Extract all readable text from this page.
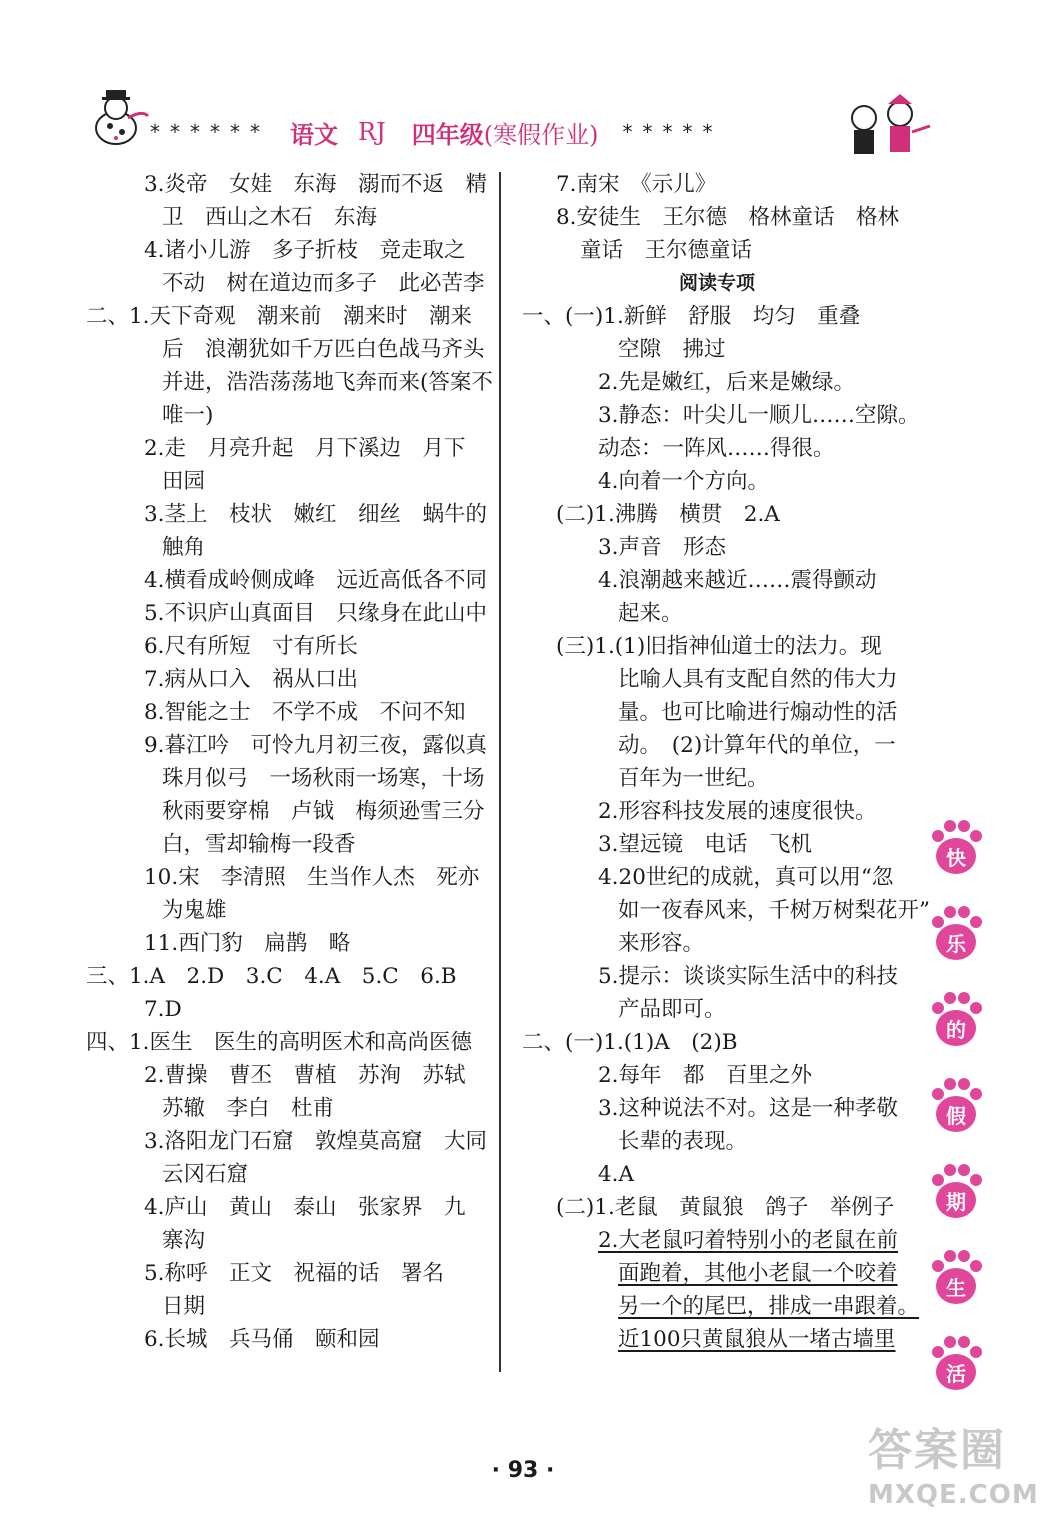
****** 语文 RJ 四年级 (寒假作业) *****
3.炎帝　女娃　东海　溺而不返　精
卫　西山之木石　东海
4.诸小儿游　多子折枝　竞走取之
不动　树在道边而多子　此必苦李
二、1.天下奇观　潮来前　潮来时　潮来
后　浪潮犹如千万匹白色战马齐头
并进，浩浩荡荡地飞奔而来(答案不
唯一)
2.走　月亮升起　月下溪边　月下
田园
3.茎上　枝状　嫩红　细丝　蜗牛的
触角
4.横看成岭侧成峰　远近高低各不同
5.不识庐山真面目　只缘身在此山中
6.尺有所短　寸有所长
7.病从口入　祸从口出
8.智能之士　不学不成　不问不知
9.暮江吟　可怜九月初三夜，露似真
珠月似弓　一场秋雨一场寒，十场
秋雨要穿棉　卢钺　梅须逊雪三分
白，雪却输梅一段香
10.宋　李清照　生当作人杰　死亦
为鬼雄
11.西门豹　扁鹊　略
三、1.A　2.D　3.C　4.A　5.C　6.B
7.D
四、1.医生　医生的高明医术和高尚医德
2.曹操　曹丕　曹植　苏洵　苏轼
苏辙　李白　杜甫
3.洛阳龙门石窟　敦煌莫高窟　大同
云冈石窟
4.庐山　黄山　泰山　张家界　九
寨沟
5.称呼　正文　祝福的话　署名
日期
6.长城　兵马俑　颐和园
7.南宋　《示儿》
8.安徒生　王尔德　格林童话　格林
童话　王尔德童话
阅读专项
一、(一)1.新鲜　舒服　均匀　重叠
空隙　拂过
2.先是嫩红，后来是嫩绿。
3.静态：叶尖儿一顺儿……空隙。
动态：一阵风……得很。
4.向着一个方向。
(二)1.沸腾　横贯　2.A
3.声音　形态
4.浪潮越来越近……震得颤动
起来。
(三)1.(1)旧指神仙道士的法力。现
比喻人具有支配自然的伟大力
量。也可比喻进行煽动性的活
动。　(2)计算年代的单位，一
百年为一世纪。
2.形容科技发展的速度很快。
3.望远镜　电话　飞机
4.20世纪的成就，真可以用“忽
如一夜春风来，千树万树梨花开”
来形容。
5.提示：谈谈实际生活中的科技
产品即可。
二、(一)1.(1)A　(2)B
2.每年　都　百里之外
3.这种说法不对。这是一种孝敬
长辈的表现。
4.A
(二)1.老鼠　黄鼠狼　鸽子　举例子
2.大老鼠叼着特别小的老鼠在前
面跑着，其他小老鼠一个咬着
另一个的尾巴，排成一串跟着。
近100只黄鼠狼从一堵古墙里
快
乐
的
假
期
生
活
· 93 ·	答案圈
MXQE.COM
